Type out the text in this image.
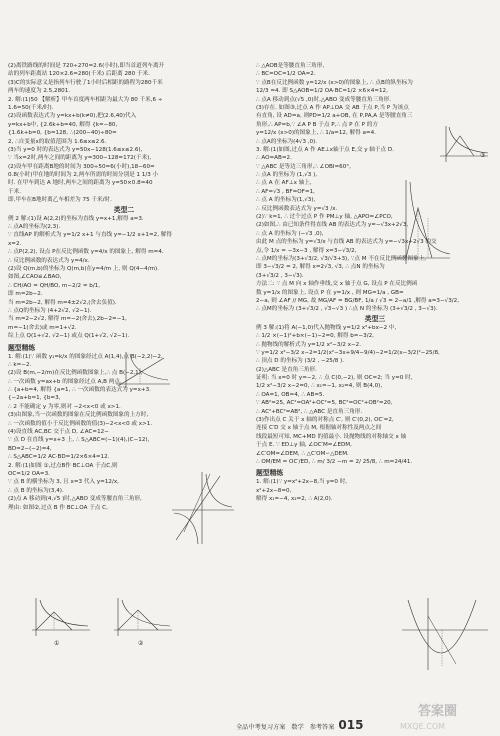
(2)离铁路线的时间是 720÷270=2.6(小时),即当首道列车离开
站的列车距离站 120×2.6=280(千米) 后距离 280 千米.
(3)C的实际意义是指列车行驶了1小时后相距的路程为280千米
两车的速度为 2.5,2801.
2. 解:(1)50 【解析】甲车首度两车相距为最大为 80 千米,6 ÷
1.6=50(千米/时).
(2)设函数表达式为 y=kx+b(k≠0),把(2.6,40)代入
y=kx+b中, {2.6k+b=40, 解得 {k=−80,
{1.6k+b=0, {b=128, ∴(200−40)÷80=
2, ∴自变量x的取值范围为 1.6≤x≤2.6.
(3)当 y=0 时的表达式为 y=50x−128(1.6≤x≤2.6),
∵ 当x=2时,两车之间的距离为 y=300−128=172(千米),
(2)设车甲在距离B地的时间为 300÷50=6(小时),18−60=
0.8(小时)甲在地的时间为 2,两车所需的时间分别是 1 1/3 小
时. 在甲车到达 A 地时,两车之间的距离为 y=50×0.8=40
千米.
即,甲车在B地时离乙车相差为 75 千米/时.
类型二
例 2 解:(1)设 A(2,2)的坐标为直线 y=x+1,解得 a=3.
∴ 点A的坐标为(2,3).
∵ 直线AP 的解析式为 y=1/2 x+1 与直线 y=−1/2 x+1=2, 解得
x=2.
∴ 点P(2,2), 设点 P在反比例函数 y=4/x 的图象上, 解得 m=4.
∴ 反比例函数的表达式为 y=4/x.
(2)设 Q(m,b)的坐标为 Q(m,b)在y=4/m 上, 则 Q(4−4/m).
如图,∠CAO≌∠BAO,
∴ CH/AO = QH/BO, m−2/2 = b/1,
即 m=2b−2.
当 m=2b−2, 解得 m=4±2√2,(舍去负值).
∴ 点Q的坐标为 (4+2√2, √2−1).
当 m=2−2√2, 解得 m=−2(舍去),2b−2=−1,
m=−1(舍去)或 m=1+√2.
综上点 Q(1+√2, √2−1) 或点 Q(1+√2, √2−1).
题型精练
1. 解:(1)∵ 函数 y₁=k/x 的图象经过点 A(1,4),点 B(−2,2)−2.
∴ k=−2.
(2)设 B(m,−2/m)在反比例函数图象上,∴ 点 B(−2,1),
∴ 一次函数 y=ax+b 的图象经过点 A,B 两点,
∴ {a+b=4, 解得 {a=1, ∴ 一次函数的表达式为 y=x+3.
{−2a+b=1, {b=3,
∴ 2 不能确定 y 为零,则对 −2<x<0 或 x>1.
(3)由图象,当一次函数的图象在反比例函数图象的上方时,
∴ 一次函数的值小于反比例函数的值(3)−2<x<0 或 x>1.
(4)设直线 AC,BC 交于点 D, ∠AC=12−
∵ 点 D 在直线 y=x+3 上, ∴ S△ABC=(−1)(4),(C−12),
BD=2−(−2)=4,
∴ S△ABC=1/2 AC·BD=1/2×6×4=12.
2. 解:(1)如图 ①,过点B作 BC⊥OA 于点C,则
OC=1/2 OA=3.
∵ 点 B 的横坐标为 3, 且 x=3 代入 y=12/x,
∴ 点 B 的坐标为(3,4).
(2)点 A 移动到(4,√5 )时,△ABO 变成等腰直角三角形,
理由: 如图②,过点 B 作 BC⊥OA 于点 C,
∴ △AOB是等腰直角三角形,
∴ BC=OC=1/2 OA=2.
∵ 点B在反比例函数 y=12/x (x>0)的图象上, ∴ 点B的纵坐标为
12/3 =4. 即 S△AOB=1/2 OA·BC=1/2 ×6×4=12,
∴ 点A 移动到点(√5 ,0)时,△ABO 变成等腰直角三角形.
(3)存在. 如图③,过点 A 作 AP⊥OA 交 AB 于点 P,当 P 为该点
有直角, 设 AD=a, 则PD=1/2 a+OB, 在 P,PA,A 是等腰直角三
角形,∴ AP=b,∵ ∠A P B 于点 P,∴ 点 P 在 P 的方
y=12/x (x>0)的图象上, ∴ 1/a=12, 解得 a=4.
∴ 点A的坐标为(4√3 ,0).
3. 解:(1)如图,过点 A 作 AE⊥x轴于点 E,交 y 轴于点 D.
∴ AO=AB=2.
∵ △ABC 是等边三角形,∴ ∠OBI=60°,
∴ 点A 的坐标为 (1,√3 ),
∴ 点 A 在 AF⊥x 轴上,
∴ AF=√3 , BF=OF=1,
∴ 点 A 的坐标为(1,√3),
∴ 反比例函数表达式为 y=√3 /x.
(2)∵ k=1, ∴ 过个过点 P 作 PM⊥y 轴, △APO=∠PCO,
(2)如图,∴ 由已知条件得直线 AB 的表达式为 y=−√3x+2√3,
∴ 点 A 的坐标为 (−√3 ,0),
由此 M 点的坐标为 y=√3/x 与直线 AB 的表达式为 y=−√3x+2√3 的交
点,令 1/x = −3x−3 , 解得 x=3−√3/2,
∴ 点M的坐标为(3+√3/2, √3/√3+3), ∵点 M 不在反比例函数图象上,
即 3−√3/2 = 2, 解得 x=2√3, √3, ∴ 点N 的坐标为
(3+√3/2 , 3−√3).
方法二: ∵ 点 M 向 x 轴作垂线,交 x 轴于点 G, 设点 P 在反比例函
数 y=1/x 的图象上, 设点 P 在 y=1/x , 则 MG=1/a , GB=
2−a, 则 ∠AF // MG, 故 MG/AF = BG/BF, 1/a / √3 = 2−a/1 ,解得 a=3−√3/2,
∴ 点M的坐标为 (3+√3/2 , √3−√3 ) ∴点 N 的坐标为 (3+√3/2 , 3−√3).
类型三
例 3 解:(1)将 A(−1,0)代入抛物线 y=1/2 x²+bx−2 中,
∴ 1/2 ×(−1)²+b×(−1)−2=0, 解得 b=−3/2,
∴ 抛物线的解析式为 y=1/2 x²−3/2 x−2.
∵ y=1/2 x²−3/2 x−2=1/2(x²−3x+9/4−9/4)−2=1/2(x−3/2)²−25/8,
∴ 顶点 D 的坐标为 (3/2 , −25/8 ).
(2)△ABC 是直角三角形.
证明: 当 x=0 时 y=−2, ∴ 点 C(0,−2), 则 OC=2; 当 y=0 时,
1/2 x²−3/2 x−2=0, ∴ x₁=−1, x₂=4, 则 B(4,0),
∴ OA=1, OB=4, ∴ AB=5.
∵ AB²=25, AC²=OA²+OC²=5, BC²=OC²+OB²=20,
∴ AC²+BC²=AB², ∴ △ABC 是直角三角形.
(3)作出点 C 关于 x 轴的对称点 C′, 则 C′(0,2), OC′=2,
连接 C′D 交 x 轴于点 M, 根据轴对称性及两点之间
线段最短可知, MC+MD 的值最小. 设抛物线的对称轴交 x 轴
于点 E. ∵ ED⊥y 轴, ∠OC′M=∠EDM,
∠C′OM=∠DEM, ∴ △C′OM∽△DEM.
∴ OM/EM = OC′/ED, ∴ m/ 3/2 −m = 2/ 25/8, ∴ m=24/41.
题型精练
1. 解:(1)∵ y=x²+2x−8,当 y=0 时,
x²+2x−8=0,
解得 x₁=−4, x₂=2, ∴ A(2,0).
①	②
③
全品中考复习方案 数学 参考答案 015
答案圈
MXQE.COM
